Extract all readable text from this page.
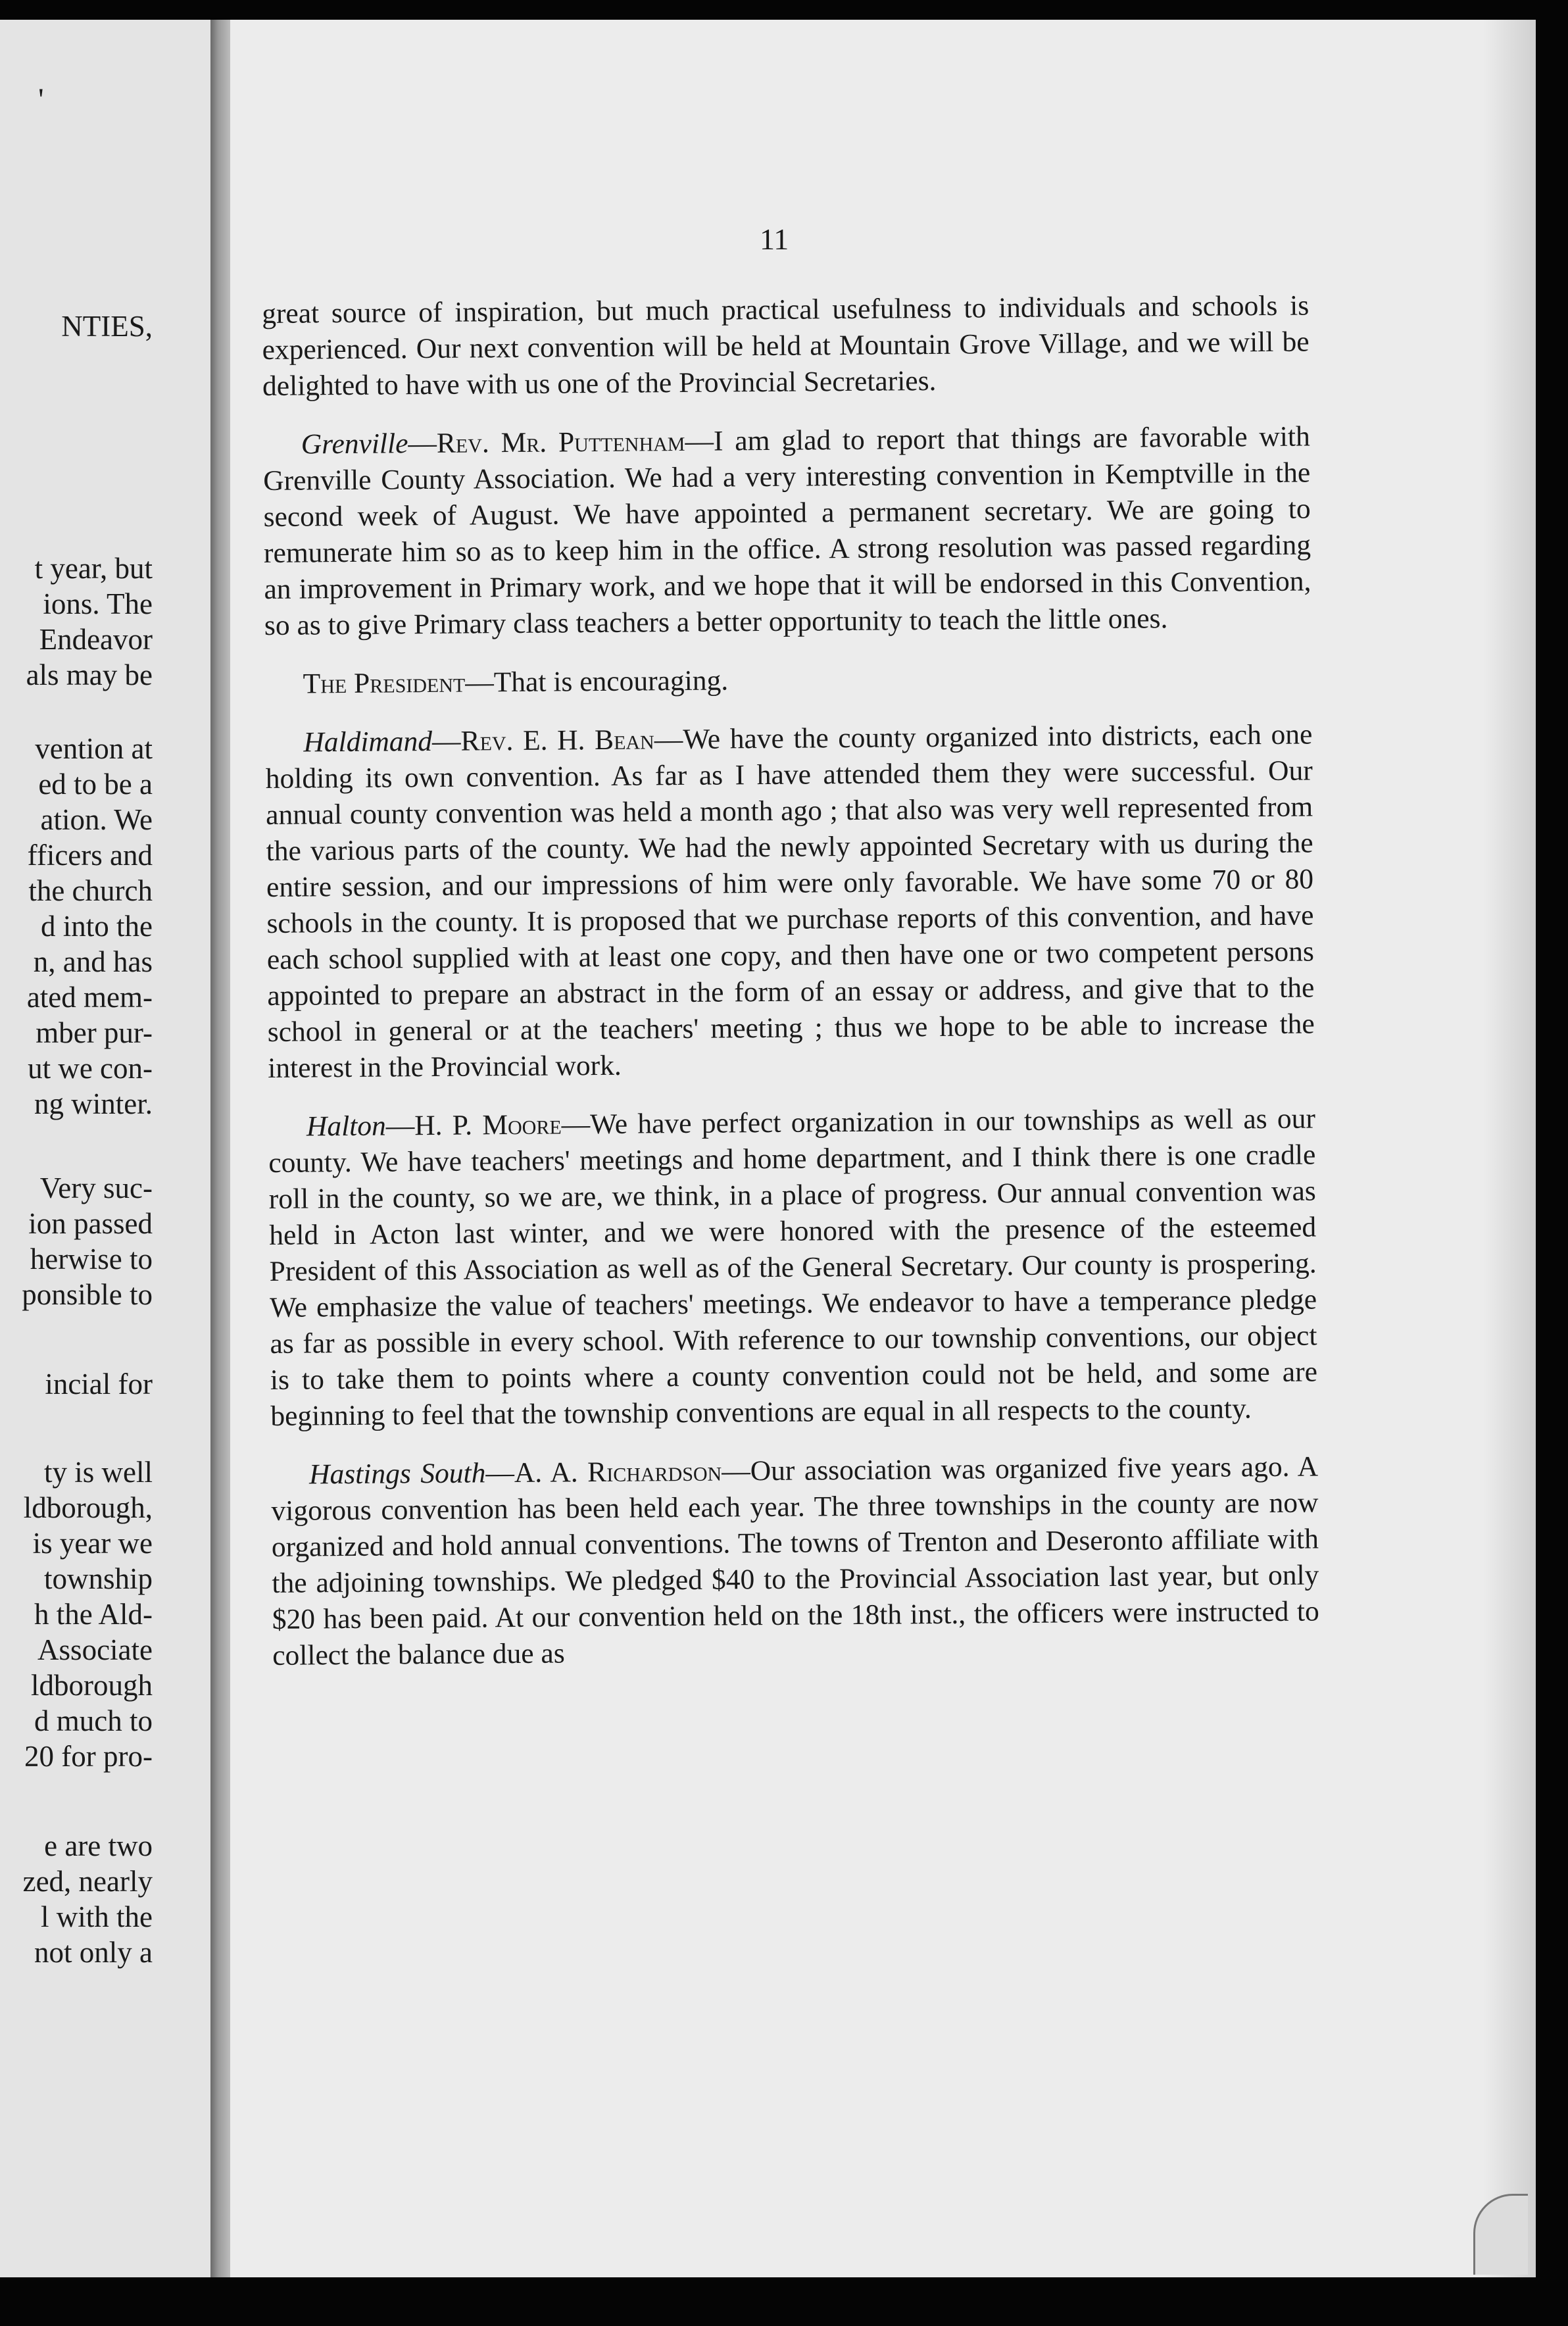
'
NTIES,
t year, but
ions. The
Endeavor
als may be
vention at
ed to be a
ation. We
fficers and
the church
d into the
n, and has
ated mem-
mber pur-
ut we con-
ng winter.
Very suc-
ion passed
herwise to
ponsible to
incial for
ty is well
ldborough,
is year we
township
h the Ald-
Associate
ldborough
d much to
20 for pro-
e are two
zed, nearly
l with the
not only a
11

great source of inspiration, but much practical usefulness to individuals and schools is experienced. Our next convention will be held at Mountain Grove Village, and we will be delighted to have with us one of the Provincial Secretaries.

Grenville—Rev. Mr. Puttenham—I am glad to report that things are favorable with Grenville County Association. We had a very interesting convention in Kemptville in the second week of August. We have appointed a permanent secretary. We are going to remunerate him so as to keep him in the office. A strong resolution was passed regarding an improvement in Primary work, and we hope that it will be endorsed in this Convention, so as to give Primary class teachers a better opportunity to teach the little ones.

The President—That is encouraging.

Haldimand—Rev. E. H. Bean—We have the county organized into districts, each one holding its own convention. As far as I have attended them they were successful. Our annual county convention was held a month ago ; that also was very well represented from the various parts of the county. We had the newly appointed Secretary with us during the entire session, and our impressions of him were only favorable. We have some 70 or 80 schools in the county. It is proposed that we purchase reports of this convention, and have each school supplied with at least one copy, and then have one or two competent persons appointed to prepare an abstract in the form of an essay or address, and give that to the school in general or at the teachers' meeting ; thus we hope to be able to increase the interest in the Provincial work.

Halton—H. P. Moore—We have perfect organization in our townships as well as our county. We have teachers' meetings and home department, and I think there is one cradle roll in the county, so we are, we think, in a place of progress. Our annual convention was held in Acton last winter, and we were honored with the presence of the esteemed President of this Association as well as of the General Secretary. Our county is prospering. We emphasize the value of teachers' meetings. We endeavor to have a temperance pledge as far as possible in every school. With reference to our township conventions, our object is to take them to points where a county convention could not be held, and some are beginning to feel that the township conventions are equal in all respects to the county.

Hastings South—A. A. Richardson—Our association was organized five years ago. A vigorous convention has been held each year. The three townships in the county are now organized and hold annual conventions. The towns of Trenton and Deseronto affiliate with the adjoining townships. We pledged $40 to the Provincial Association last year, but only $20 has been paid. At our convention held on the 18th inst., the officers were instructed to collect the balance due as
